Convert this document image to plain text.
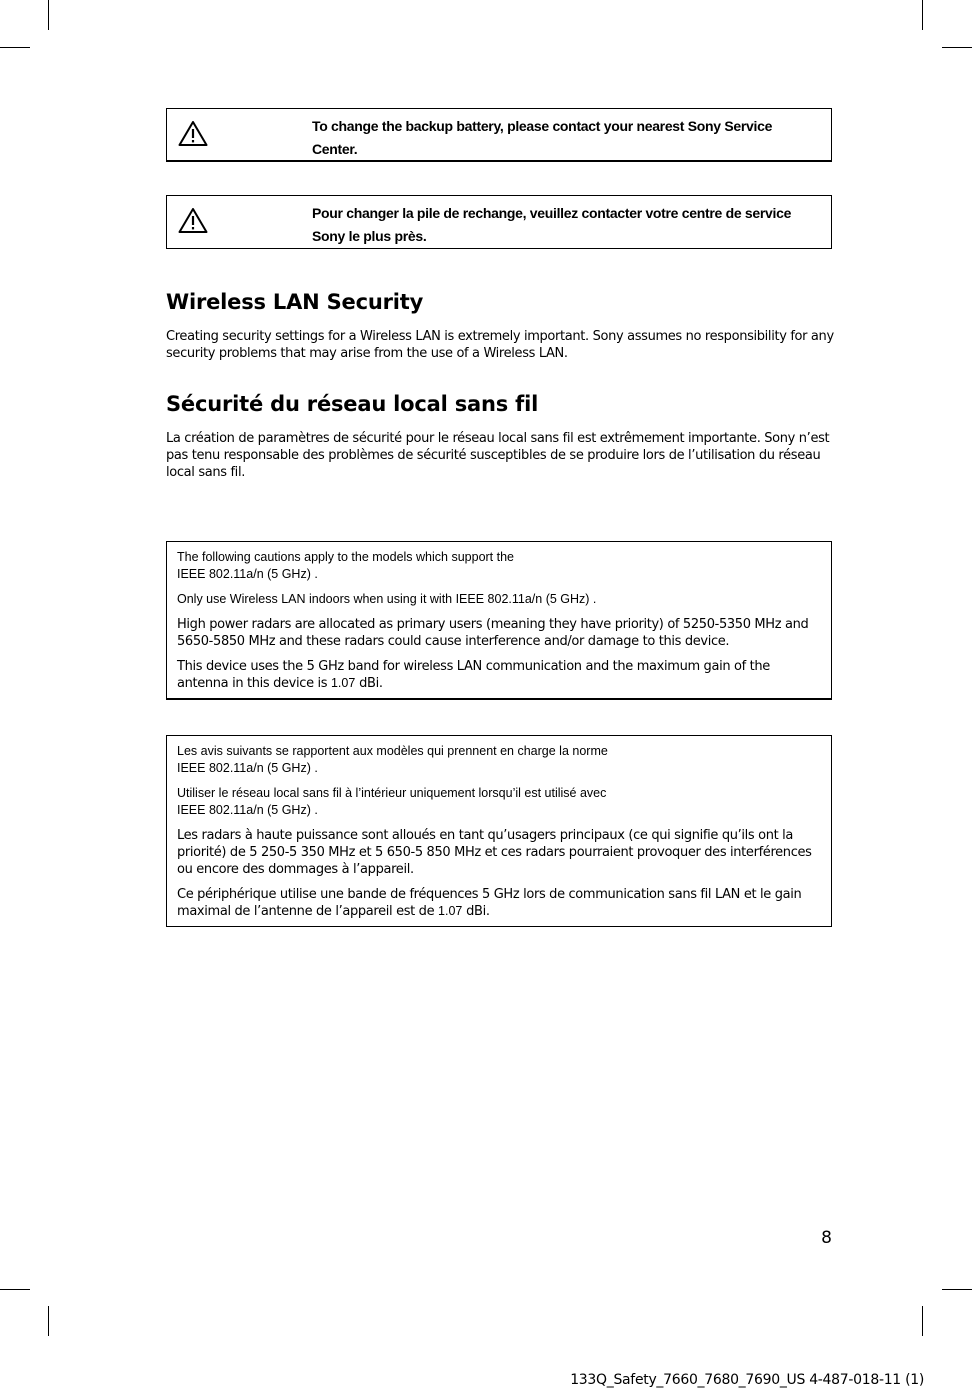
To change the backup battery, please contact your nearest Sony Service Center.
Pour changer la pile de rechange, veuillez contacter votre centre de service Sony le plus près.
Wireless LAN Security

Creating security settings for a Wireless LAN is extremely important. Sony assumes no responsibility for any security problems that may arise from the use of a Wireless LAN.

Sécurité du réseau local sans fil

La création de paramètres de sécurité pour le réseau local sans fil est extrêmement importante. Sony n’est pas tenu responsable des problèmes de sécurité susceptibles de se produire lors de l’utilisation du réseau local sans fil.

The following cautions apply to the models which support the
IEEE 802.11a/n (5 GHz) .

Only use Wireless LAN indoors when using it with IEEE 802.11a/n (5 GHz) .

High power radars are allocated as primary users (meaning they have priority) of 5250-5350 MHz and 5650-5850 MHz and these radars could cause interference and/or damage to this device.

This device uses the 5 GHz band for wireless LAN communication and the maximum gain of the antenna in this device is 1.07 dBi.

Les avis suivants se rapportent aux modèles qui prennent en charge la norme
IEEE 802.11a/n (5 GHz) .

Utiliser le réseau local sans fil à l’intérieur uniquement lorsqu’il est utilisé avec
IEEE 802.11a/n (5 GHz) .

Les radars à haute puissance sont alloués en tant qu’usagers principaux (ce qui signifie qu’ils ont la priorité) de 5 250-5 350 MHz et 5 650-5 850 MHz et ces radars pourraient provoquer des interférences ou encore des dommages à l’appareil.

Ce périphérique utilise une bande de fréquences 5 GHz lors de communication sans fil LAN et le gain maximal de l’antenne de l’appareil est de 1.07 dBi.

8
133Q_Safety_7660_7680_7690_US 4-487-018-11 (1)
